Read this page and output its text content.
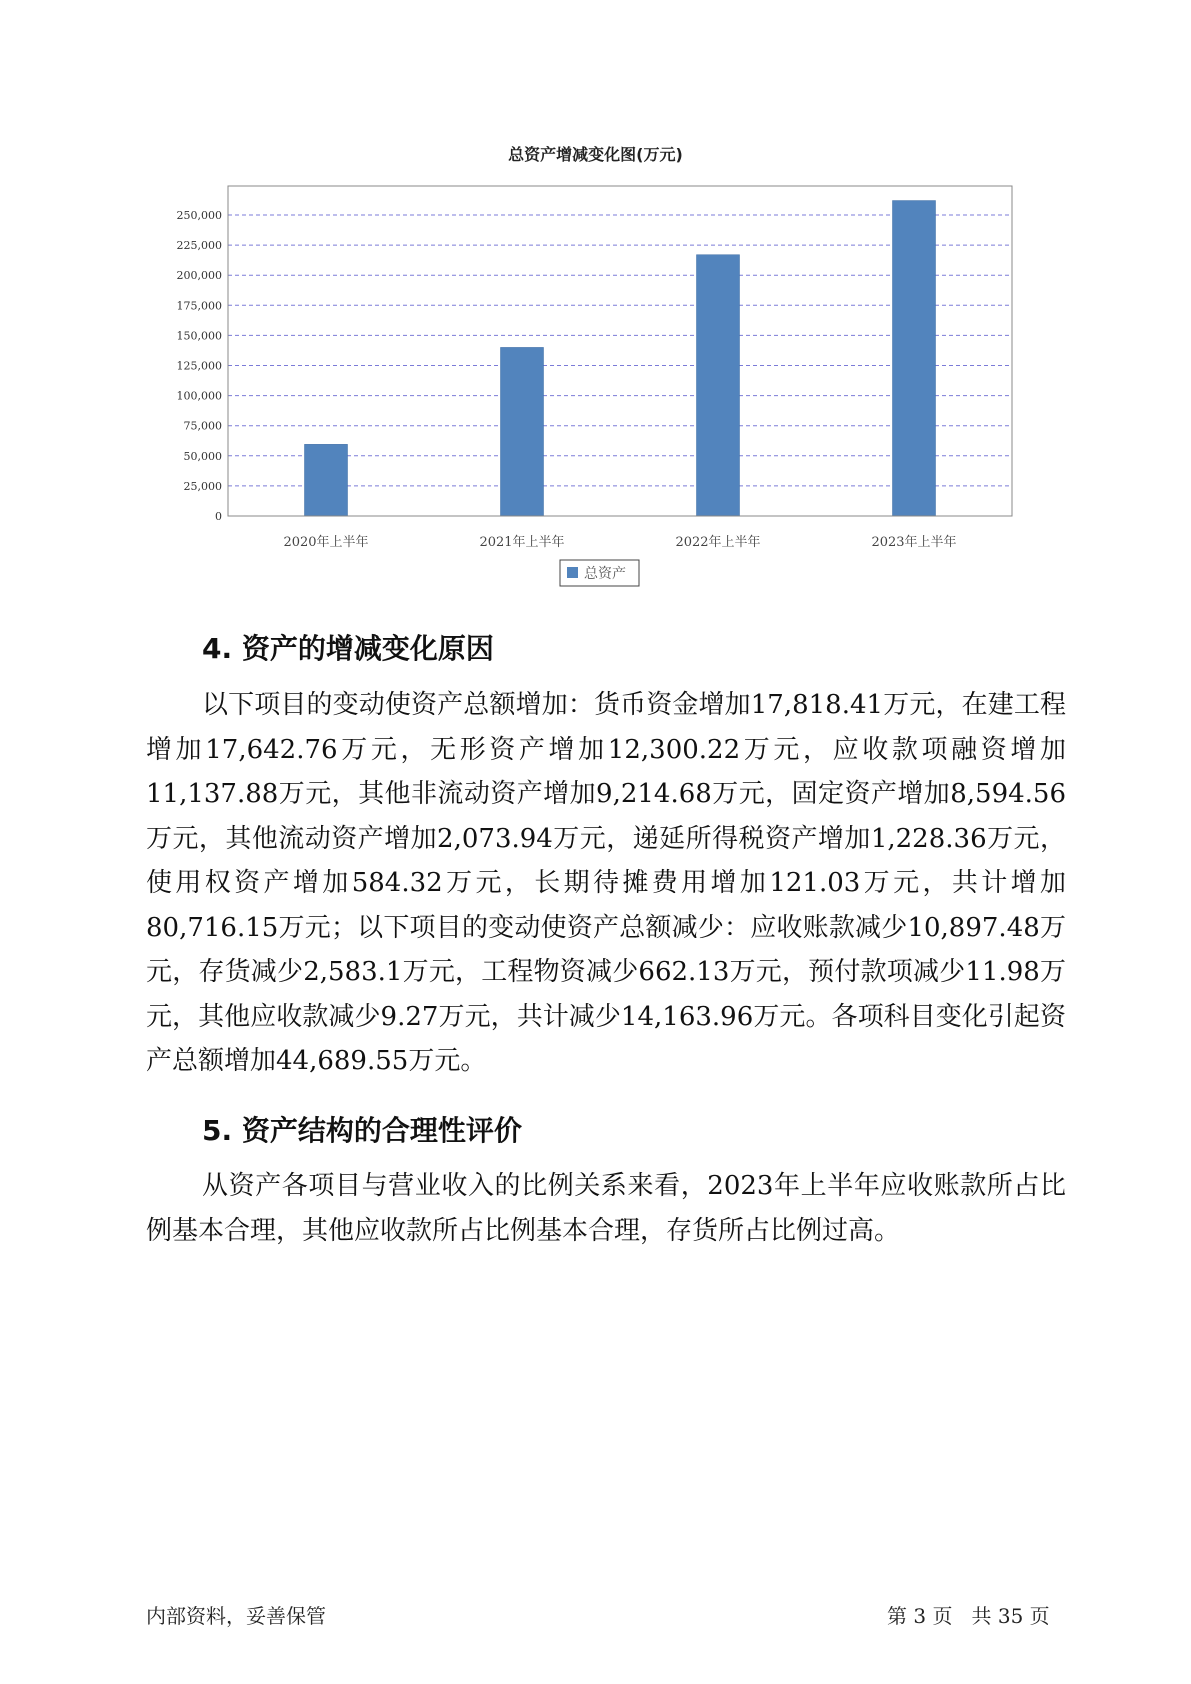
总资产增减变化图(万元)
0
25,000
50,000
75,000
100,000
125,000
150,000
175,000
200,000
225,000
250,000
2020年上半年	2021年上半年	2022年上半年	2023年上半年
总资产
4. 资产的增减变化原因

以下项目的变动使资产总额增加：货币资金增加17,818.41万元，在建工程增加17,642.76万元，无形资产增加12,300.22万元，应收款项融资增加11,137.88万元，其他非流动资产增加9,214.68万元，固定资产增加8,594.56万元，其他流动资产增加2,073.94万元，递延所得税资产增加1,228.36万元，使用权资产增加584.32万元，长期待摊费用增加121.03万元，共计增加80,716.15万元；以下项目的变动使资产总额减少：应收账款减少10,897.48万元，存货减少2,583.1万元，工程物资减少662.13万元，预付款项减少11.98万元，其他应收款减少9.27万元，共计减少14,163.96万元。各项科目变化引起资产总额增加44,689.55万元。

5. 资产结构的合理性评价

从资产各项目与营业收入的比例关系来看，2023年上半年应收账款所占比例基本合理，其他应收款所占比例基本合理，存货所占比例过高。

内部资料，妥善保管	第 3 页   共 35 页
